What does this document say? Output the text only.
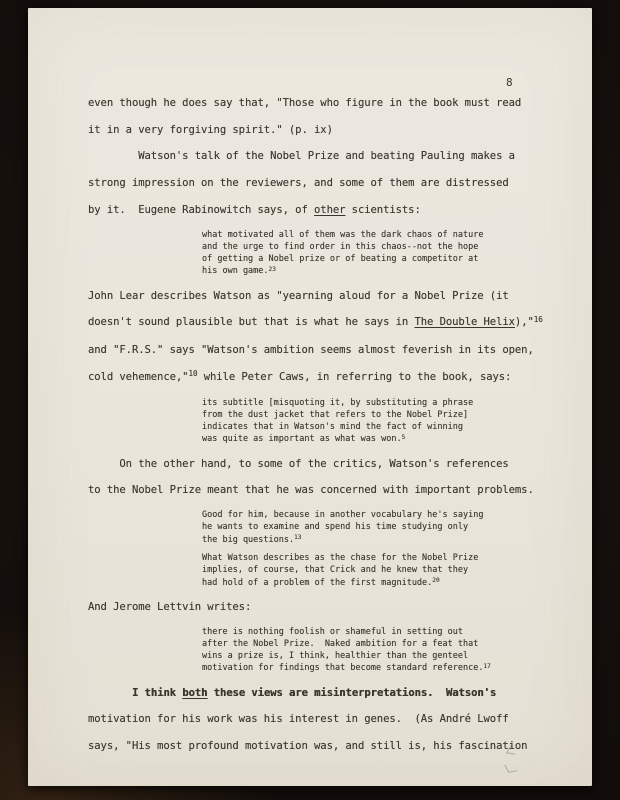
8
even though he does say that, "Those who figure in the book must read
it in a very forgiving spirit." (p. ix)
Watson's talk of the Nobel Prize and beating Pauling makes a
strong impression on the reviewers, and some of them are distressed
by it.  Eugene Rabinowitch says, of other scientists:
what motivated all of them was the dark chaos of nature
and the urge to find order in this chaos--not the hope
of getting a Nobel prize or of beating a competitor at
his own game.$^{23}$
John Lear describes Watson as "yearning aloud for a Nobel Prize (it
doesn't sound plausible but that is what he says in The Double Helix),"$^{16}$
and "F.R.S." says "Watson's ambition seems almost feverish in its open,
cold vehemence,"$^{10}$ while Peter Caws, in referring to the book, says:
its subtitle [misquoting it, by substituting a phrase
from the dust jacket that refers to the Nobel Prize]
indicates that in Watson's mind the fact of winning
was quite as important as what was won.$^5$
On the other hand, to some of the critics, Watson's references
to the Nobel Prize meant that he was concerned with important problems.
Good for him, because in another vocabulary he's saying
he wants to examine and spend his time studying only
the big questions.$^{13}$
What Watson describes as the chase for the Nobel Prize
implies, of course, that Crick and he knew that they
had hold of a problem of the first magnitude.$^{20}$
And Jerome Lettvin writes:
there is nothing foolish or shameful in setting out
after the Nobel Prize.  Naked ambition for a feat that
wins a prize is, I think, healthier than the genteel
motivation for findings that become standard reference.$^{17}$
I think both these views are misinterpretations.  Watson's
motivation for his work was his interest in genes.  (As André Lwoff
says, "His most profound motivation was, and still is, his fascination
